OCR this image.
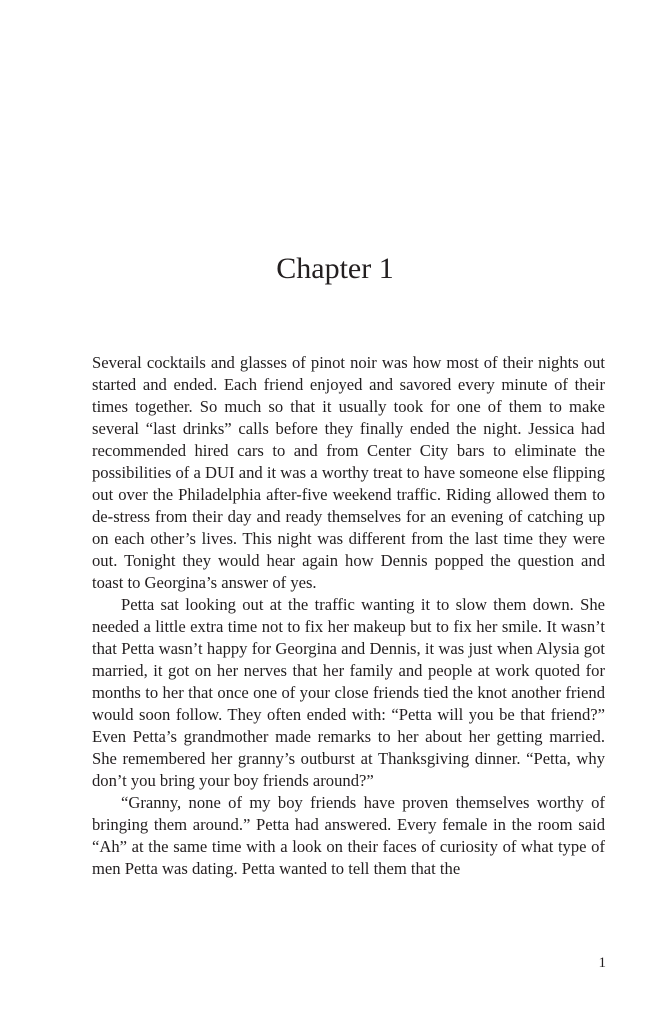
Chapter 1

Several cocktails and glasses of pinot noir was how most of their nights out started and ended. Each friend enjoyed and savored every minute of their times together. So much so that it usually took for one of them to make several “last drinks” calls before they finally ended the night. Jessica had recommended hired cars to and from Center City bars to eliminate the possibilities of a DUI and it was a worthy treat to have someone else flipping out over the Philadelphia after-five weekend traffic. Riding allowed them to de-stress from their day and ready themselves for an evening of catching up on each other’s lives. This night was different from the last time they were out. Tonight they would hear again how Dennis popped the question and toast to Georgina’s answer of yes.

Petta sat looking out at the traffic wanting it to slow them down. She needed a little extra time not to fix her makeup but to fix her smile. It wasn’t that Petta wasn’t happy for Georgina and Dennis, it was just when Alysia got married, it got on her nerves that her family and people at work quoted for months to her that once one of your close friends tied the knot another friend would soon follow. They often ended with: “Petta will you be that friend?” Even Petta’s grandmother made remarks to her about her getting married. She remembered her granny’s outburst at Thanksgiving dinner. “Petta, why don’t you bring your boy friends around?”

“Granny, none of my boy friends have proven themselves worthy of bringing them around.” Petta had answered. Every female in the room said “Ah” at the same time with a look on their faces of curiosity of what type of men Petta was dating. Petta wanted to tell them that the

1
